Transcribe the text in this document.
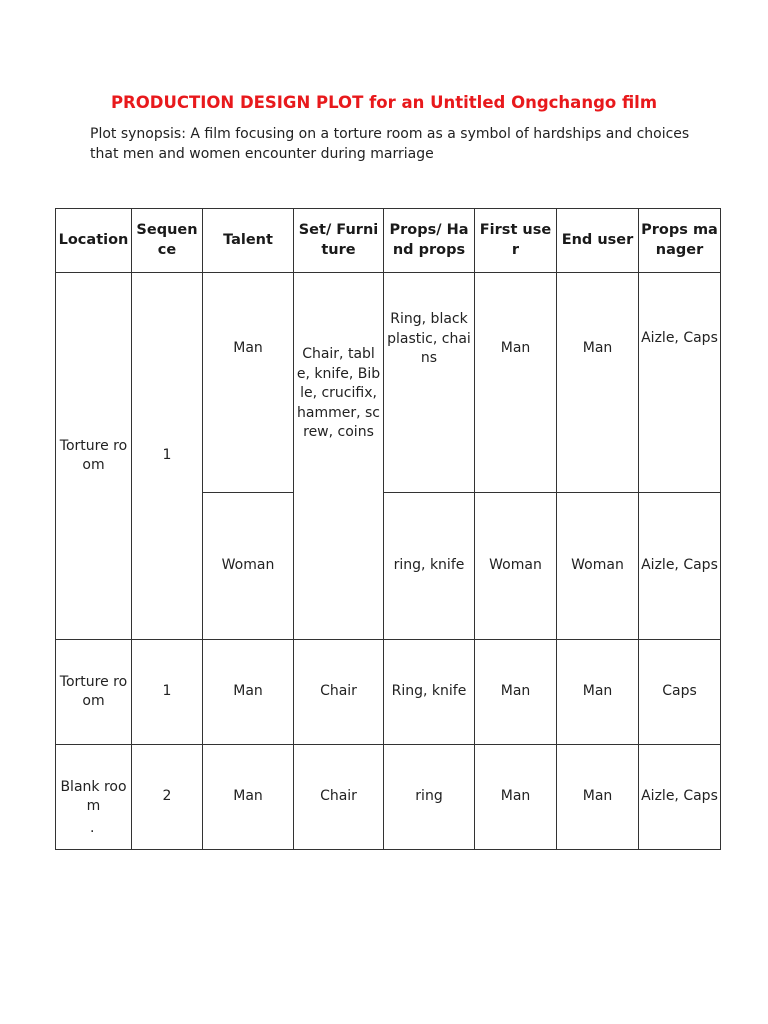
PRODUCTION DESIGN PLOT for an Untitled Ongchango film
Plot synopsis: A film focusing on a torture room as a symbol of hardships and choices that men and women encounter during marriage
Location	Sequence	Talent	Set/ Furniture	Props/ Hand props	First user	End user	Props manager
Torture room	1	Man	Chair, table, knife, Bible, crucifix, hammer, screw, coins	Ring, black plastic, chains	Man	Man	Aizle, Caps
		Woman		ring, knife	Woman	Woman	Aizle, Caps
Torture room	1	Man	Chair	Ring, knife	Man	Man	Caps
Blank room	2	Man	Chair	ring	Man	Man	Aizle, Caps
.
